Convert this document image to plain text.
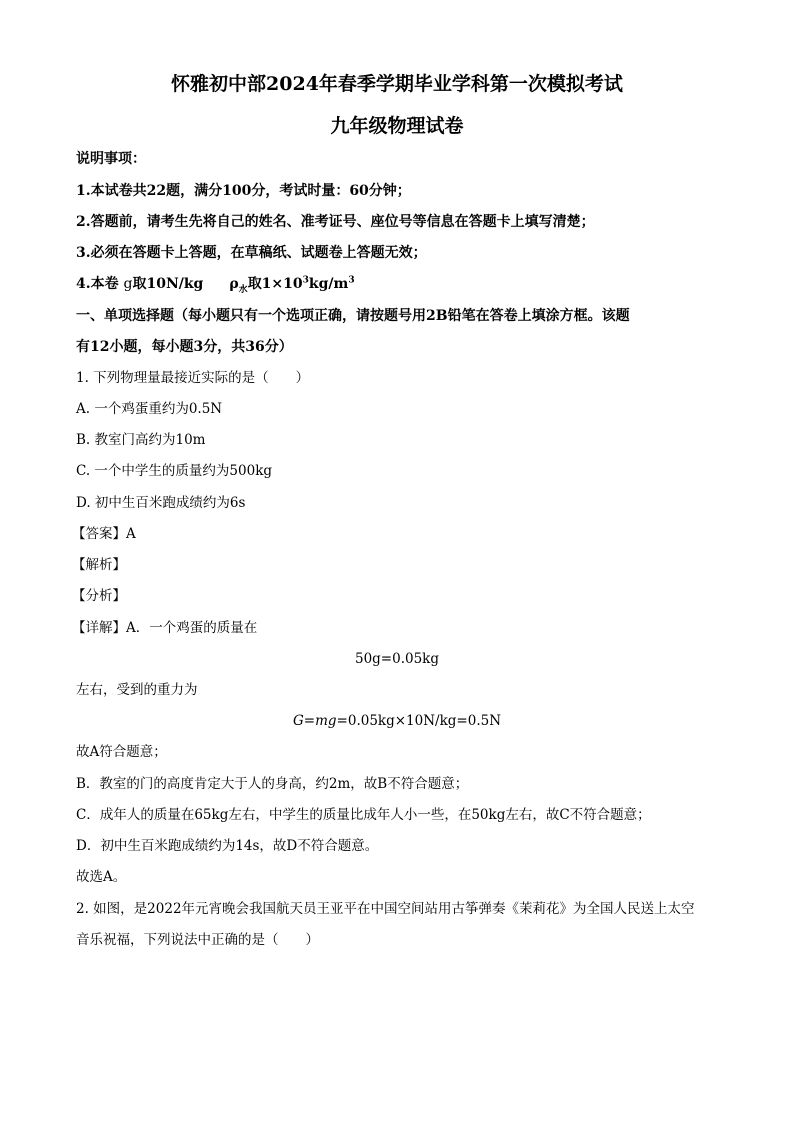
怀雅初中部2024年春季学期毕业学科第一次模拟考试
九年级物理试卷
说明事项：
1.本试卷共22题，满分100分，考试时量：60分钟；
2.答题前，请考生先将自己的姓名、准考证号、座位号等信息在答题卡上填写清楚；
3.必须在答题卡上答题，在草稿纸、试题卷上答题无效；
4.本卷 g取10N/kg $\rho_水$取$1\times 10^3kg/m^3$
一、单项选择题（每小题只有一个选项正确，请按题号用2B铅笔在答卷上填涂方框。该题
有12小题，每小题3分，共36分）
1. 下列物理量最接近实际的是（　　）
A. 一个鸡蛋重约为0.5N
B. 教室门高约为10m
C. 一个中学生的质量约为500kg
D. 初中生百米跑成绩约为6s
【答案】A
【解析】
【分析】
【详解】A．一个鸡蛋的质量在
50g=0.05kg
左右，受到的重力为
G=mg=0.05kg×10N/kg=0.5N
故A符合题意；
B．教室的门的高度肯定大于人的身高，约2m，故B不符合题意；
C．成年人的质量在65kg左右，中学生的质量比成年人小一些，在50kg左右，故C不符合题意；
D．初中生百米跑成绩约为14s，故D不符合题意。
故选A。
2. 如图，是2022年元宵晚会我国航天员王亚平在中国空间站用古筝弹奏《茉莉花》为全国人民送上太空
音乐祝福，下列说法中正确的是（　　）
